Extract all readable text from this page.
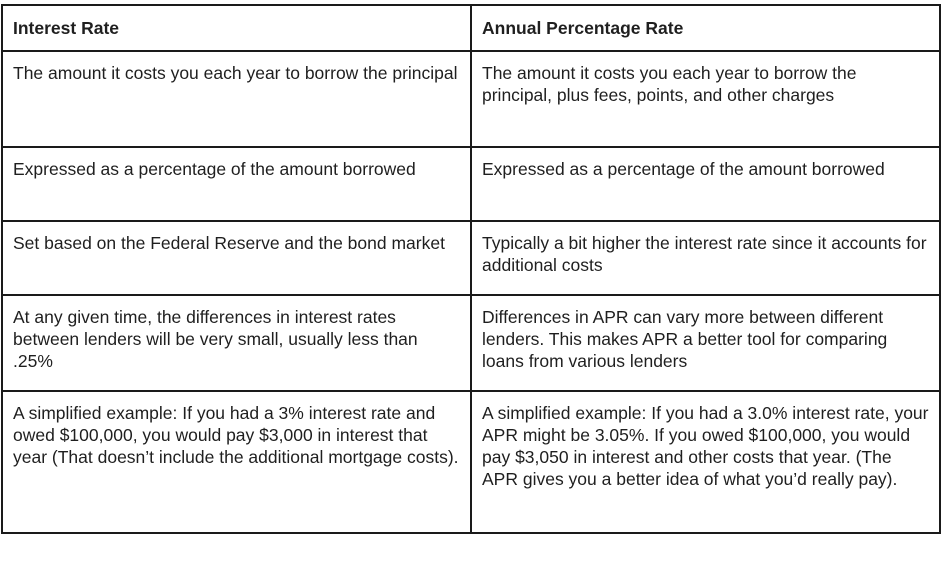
Interest Rate	Annual Percentage Rate
The amount it costs you each year to borrow the principal	The amount it costs you each year to borrow the principal, plus fees, points, and other charges
Expressed as a percentage of the amount borrowed	Expressed as a percentage of the amount borrowed
Set based on the Federal Reserve and the bond market	Typically a bit higher the interest rate since it accounts for additional costs
At any given time, the differences in interest rates between lenders will be very small, usually less than .25%	Differences in APR can vary more between different lenders. This makes APR a better tool for comparing loans from various lenders
A simplified example: If you had a 3% interest rate and owed $100,000, you would pay $3,000 in interest that year (That doesn’t include the additional mortgage costs).	A simplified example: If you had a 3.0% interest rate, your APR might be 3.05%. If you owed $100,000, you would pay $3,050 in interest and other costs that year. (The APR gives you a better idea of what you’d really pay).
